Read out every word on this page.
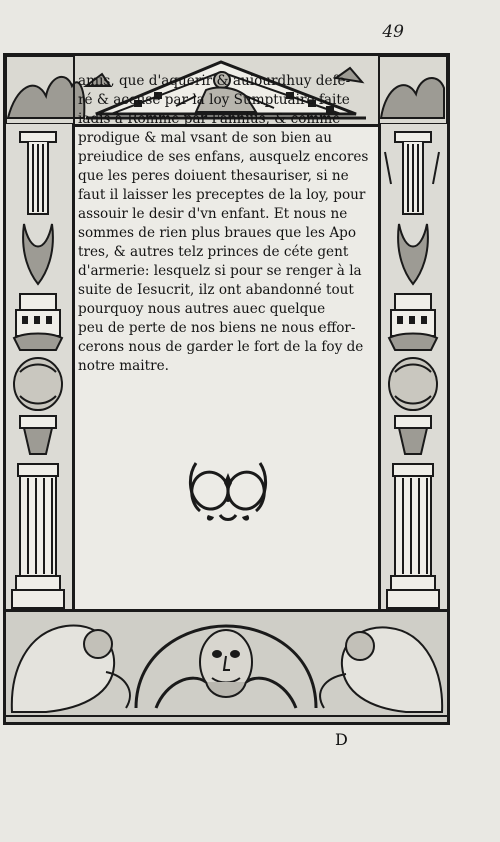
49
amis, que d'aquerir & auiourdhuy defe-
ré & accusé par la loy Sumptuaire faite
iadis à Romme par Fannius, & comme
prodigue & mal vsant de son bien au
preiudice de ses enfans, ausquelz encores
que les peres doiuent thesauriser, si ne
faut il laisser les preceptes de la loy, pour
assouir le desir d'vn enfant. Et nous ne
sommes de rien plus braues que les Apo
tres, & autres telz princes de céte gent
d'armerie: lesquelz si pour se renger à la
suite de Iesucrit, ilz ont abandonné tout
pourquoy nous autres auec quelque
peu de perte de nos biens ne nous effor-
cerons nous de garder le fort de la foy de
notre maitre.
D
